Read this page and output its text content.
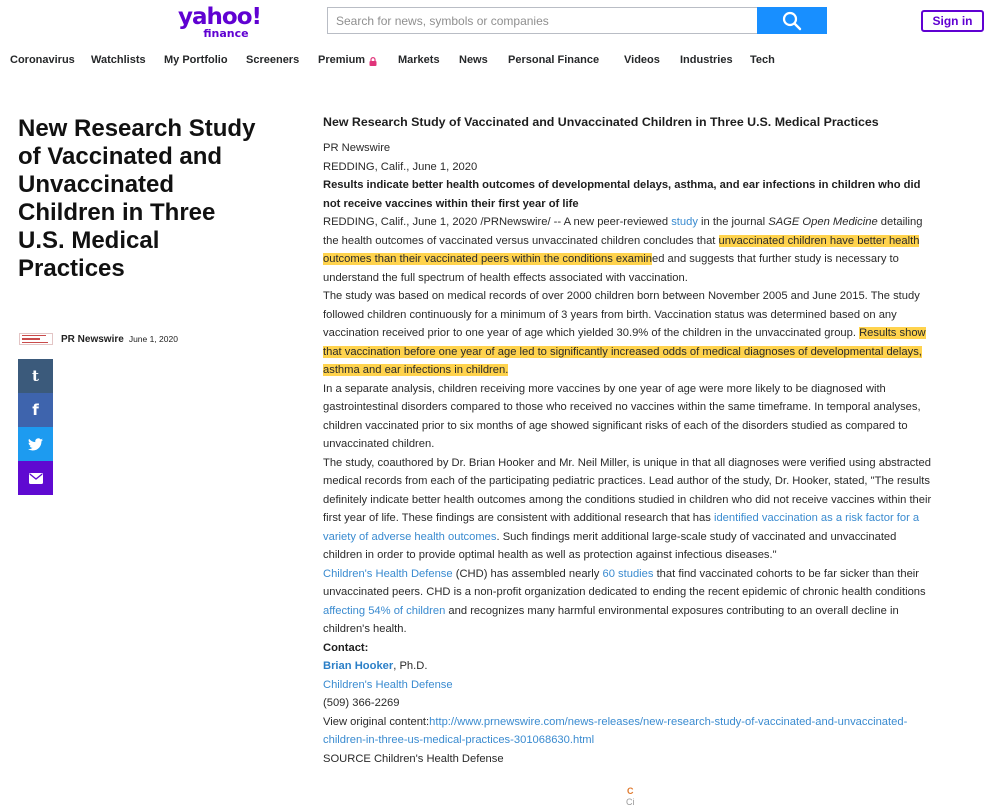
yahoo!
finance
Search for news, symbols or companies
Sign in
Coronavirus	Watchlists	My Portfolio	Screeners	Premium	Markets	News	Personal Finance	Videos	Industries	Tech
New Research Study of Vaccinated and Unvaccinated Children in Three U.S. Medical Practices
PR Newswire June 1, 2020
t
f
New Research Study of Vaccinated and Unvaccinated Children in Three U.S. Medical Practices

PR Newswire

REDDING, Calif., June 1, 2020

Results indicate better health outcomes of developmental delays, asthma, and ear infections in children who did not receive vaccines within their first year of life

REDDING, Calif., June 1, 2020 /PRNewswire/ -- A new peer-reviewed study in the journal SAGE Open Medicine detailing the health outcomes of vaccinated versus unvaccinated children concludes that unvaccinated children have better health outcomes than their vaccinated peers within the conditions examined and suggests that further study is necessary to understand the full spectrum of health effects associated with vaccination.

The study was based on medical records of over 2000 children born between November 2005 and June 2015. The study followed children continuously for a minimum of 3 years from birth. Vaccination status was determined based on any vaccination received prior to one year of age which yielded 30.9% of the children in the unvaccinated group. Results show that vaccination before one year of age led to significantly increased odds of medical diagnoses of developmental delays, asthma and ear infections in children.

In a separate analysis, children receiving more vaccines by one year of age were more likely to be diagnosed with gastrointestinal disorders compared to those who received no vaccines within the same timeframe. In temporal analyses, children vaccinated prior to six months of age showed significant risks of each of the disorders studied as compared to unvaccinated children.

The study, coauthored by Dr. Brian Hooker and Mr. Neil Miller, is unique in that all diagnoses were verified using abstracted medical records from each of the participating pediatric practices. Lead author of the study, Dr. Hooker, stated, "The results definitely indicate better health outcomes among the conditions studied in children who did not receive vaccines within their first year of life. These findings are consistent with additional research that has identified vaccination as a risk factor for a variety of adverse health outcomes. Such findings merit additional large-scale study of vaccinated and unvaccinated children in order to provide optimal health as well as protection against infectious diseases."

Children's Health Defense (CHD) has assembled nearly 60 studies that find vaccinated cohorts to be far sicker than their unvaccinated peers. CHD is a non-profit organization dedicated to ending the recent epidemic of chronic health conditions affecting 54% of children and recognizes many harmful environmental exposures contributing to an overall decline in children's health.

Contact:

Brian Hooker, Ph.D.

Children's Health Defense

(509) 366-2269

View original content:http://www.prnewswire.com/news-releases/new-research-study-of-vaccinated-and-unvaccinated-children-in-three-us-medical-practices-301068630.html

SOURCE Children's Health Defense

C
Ci
